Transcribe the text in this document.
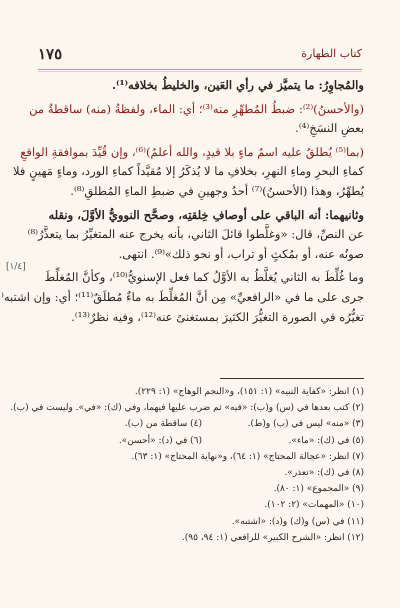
١٧٥	كتاب الطهارة
والمُجاوِرُ: ما يتميَّز في رأي العَين، والخليطُ بخلافه⁽¹⁾.
(والأحسنُ)⁽²⁾: ضبطُ المُطهِّرِ منه⁽³⁾؛ أي: الماء، ولفظةُ (منه) ساقطةٌ من
بعضِ النسَخِ⁽⁴⁾.
(بما⁽⁵⁾ يُطلقُ عليه اسمُ ماءٍ بلا قيدٍ، والله أعلمُ)⁽⁶⁾، وإن قُيِّدَ بموافقةِ الواقعِ
كماءِ البحرِ وماءِ النهرِ، بخلافِ ما لا يُذكَرُ إلا مُقيَّداً كماءِ الورد، وماءٍ مَهينٍ فلا
يُطهِّرُ، وهذا (الأحسنُ)⁽⁷⁾ أحدُ وجهينِ في ضبطِ الماءِ المُطلقِ⁽⁸⁾.
وثانيهما: أنه الباقي على أوصافِ خِلقتِه، وصحَّح النوويُّ الأوَّلَ، ونقله
عن النصِّ، قال: «وغلَّطوا قائلَ الثاني، بأنه يخرج عنه المتغيِّرُ بما يتعذَّرُ⁽⁸⁾
صونُه عنه، أو بمُكثٍ أو تراب، أو نحو ذلك»⁽⁹⁾. انتهى.
وما غُلِّطَ به الثاني يُغلَّطُ به الأوَّلُ كما فعل الإسنويُّ⁽¹⁰⁾، وكأنَّ المُغلِّطَ
جرى على ما في «الرافعيِّ» مِن أنَّ المُغلِّطَ به ماءٌ مُطلَقٌ⁽¹¹⁾؛ أي: وإن اشتبه⁽
تغيُّرُه في الصورة التغيُّرَ الكثيرَ بمستغنىً عنه⁽¹²⁾، وفيه نظرٌ⁽¹³⁾.
[١/٤]
(١) انظر: «كفاية النبيه» (١: ١٥١)، و«النجم الوهاج» (١: ٢٢٩).
(٢) كتب بعدها في (س) و(ب): «فيه» ثم ضرب عليها فيهما، وفي (ك): «في». وليست في (ب).
(٣) «منه» ليس في (ب) و(ط).
(٤) ساقطة من (ب).
(٥) في (ك): «ماء».
(٦) في (د): «أحسن».
(٧) انظر: «عجالة المحتاج» (١: ٦٤)، و«نهاية المحتاج» (١: ٦٣).
(٨) في (ك): «تعذر».
(٩) «المجموع» (١: ٨٠).
(١٠) «المهمات» (٢: ١٠٢).
(١١) في (س) و(ك) و(د): «اشتبه».
(١٢) انظر: «الشرح الكبير» للرافعي (١: ٩٤، ٩٥).
